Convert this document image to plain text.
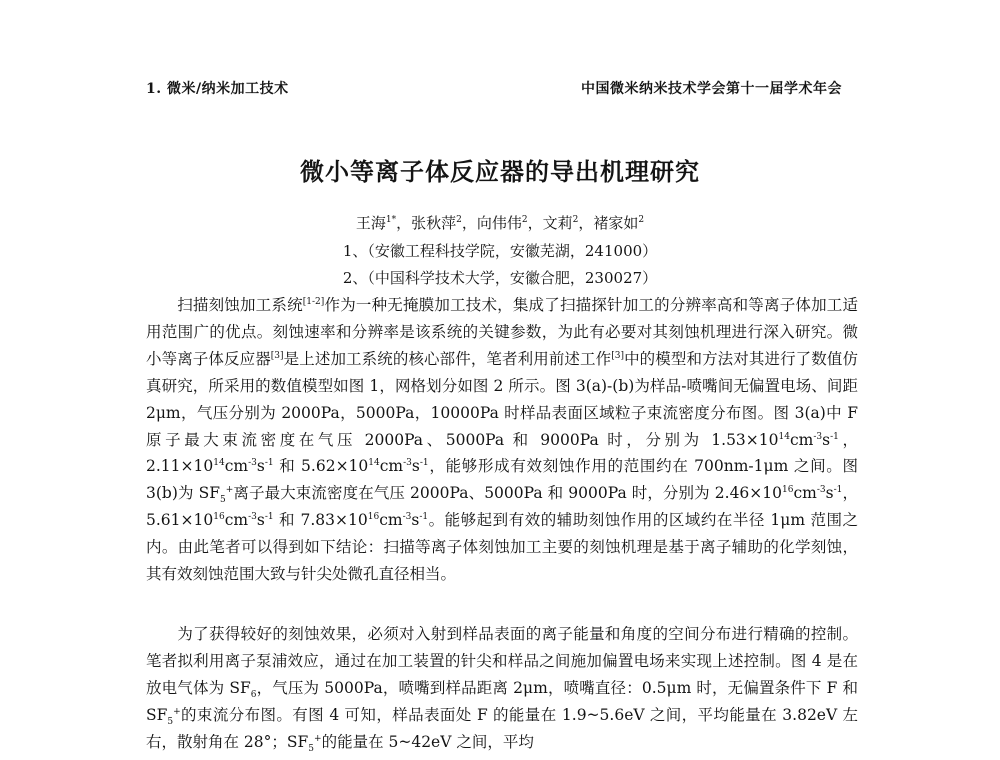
1. 微米/纳米加工技术	中国微米纳米技术学会第十一届学术年会
微小等离子体反应器的导出机理研究
王海$^{1*}$，张秋萍$^2$，向伟伟$^2$，文莉$^2$，褚家如$^2$
1、（安徽工程科技学院，安徽芜湖，241000）
2、（中国科学技术大学，安徽合肥，230027）
扫描刻蚀加工系统[1-2]作为一种无掩膜加工技术，集成了扫描探针加工的分辨率高和等离子体加工适用范围广的优点。刻蚀速率和分辨率是该系统的关键参数，为此有必要对其刻蚀机理进行深入研究。微小等离子体反应器[3]是上述加工系统的核心部件，笔者利用前述工作[3]中的模型和方法对其进行了数值仿真研究，所采用的数值模型如图 1，网格划分如图 2 所示。图 3(a)-(b)为样品-喷嘴间无偏置电场、间距 2μm，气压分别为 2000Pa，5000Pa，10000Pa 时样品表面区域粒子束流密度分布图。图 3(a)中 F 原子最大束流密度在气压 2000Pa、5000Pa 和 9000Pa 时，分别为 $1.53\times 10^{14}cm^{-3}s^{-1}$， $2.11\times 10^{14}cm^{-3}s^{-1}$ 和 $5.62\times 10^{14}cm^{-3}s^{-1}$，能够形成有效刻蚀作用的范围约在 700nm-1μm 之间。图 3(b)为 $SF_5^+$离子最大束流密度在气压 2000Pa、5000Pa 和 9000Pa 时，分别为 $2.46\times 10^{16}cm^{-3}s^{-1}$，$5.61\times 10^{16}cm^{-3}s^{-1}$ 和 $7.83\times 10^{16}cm^{-3}s^{-1}$。能够起到有效的辅助刻蚀作用的区域约在半径 1μm 范围之内。由此笔者可以得到如下结论：扫描等离子体刻蚀加工主要的刻蚀机理是基于离子辅助的化学刻蚀，其有效刻蚀范围大致与针尖处微孔直径相当。
为了获得较好的刻蚀效果，必须对入射到样品表面的离子能量和角度的空间分布进行精确的控制。笔者拟利用离子泵浦效应，通过在加工装置的针尖和样品之间施加偏置电场来实现上述控制。图 4 是在放电气体为 $SF_6$，气压为 5000Pa，喷嘴到样品距离 2μm，喷嘴直径：0.5μm 时，无偏置条件下 F 和 $SF_5^+$的束流分布图。有图 4 可知，样品表面处 F 的能量在 1.9~5.6eV 之间，平均能量在 3.82eV 左右，散射角在 28°；$SF_5^+$的能量在 5~42eV 之间，平均
